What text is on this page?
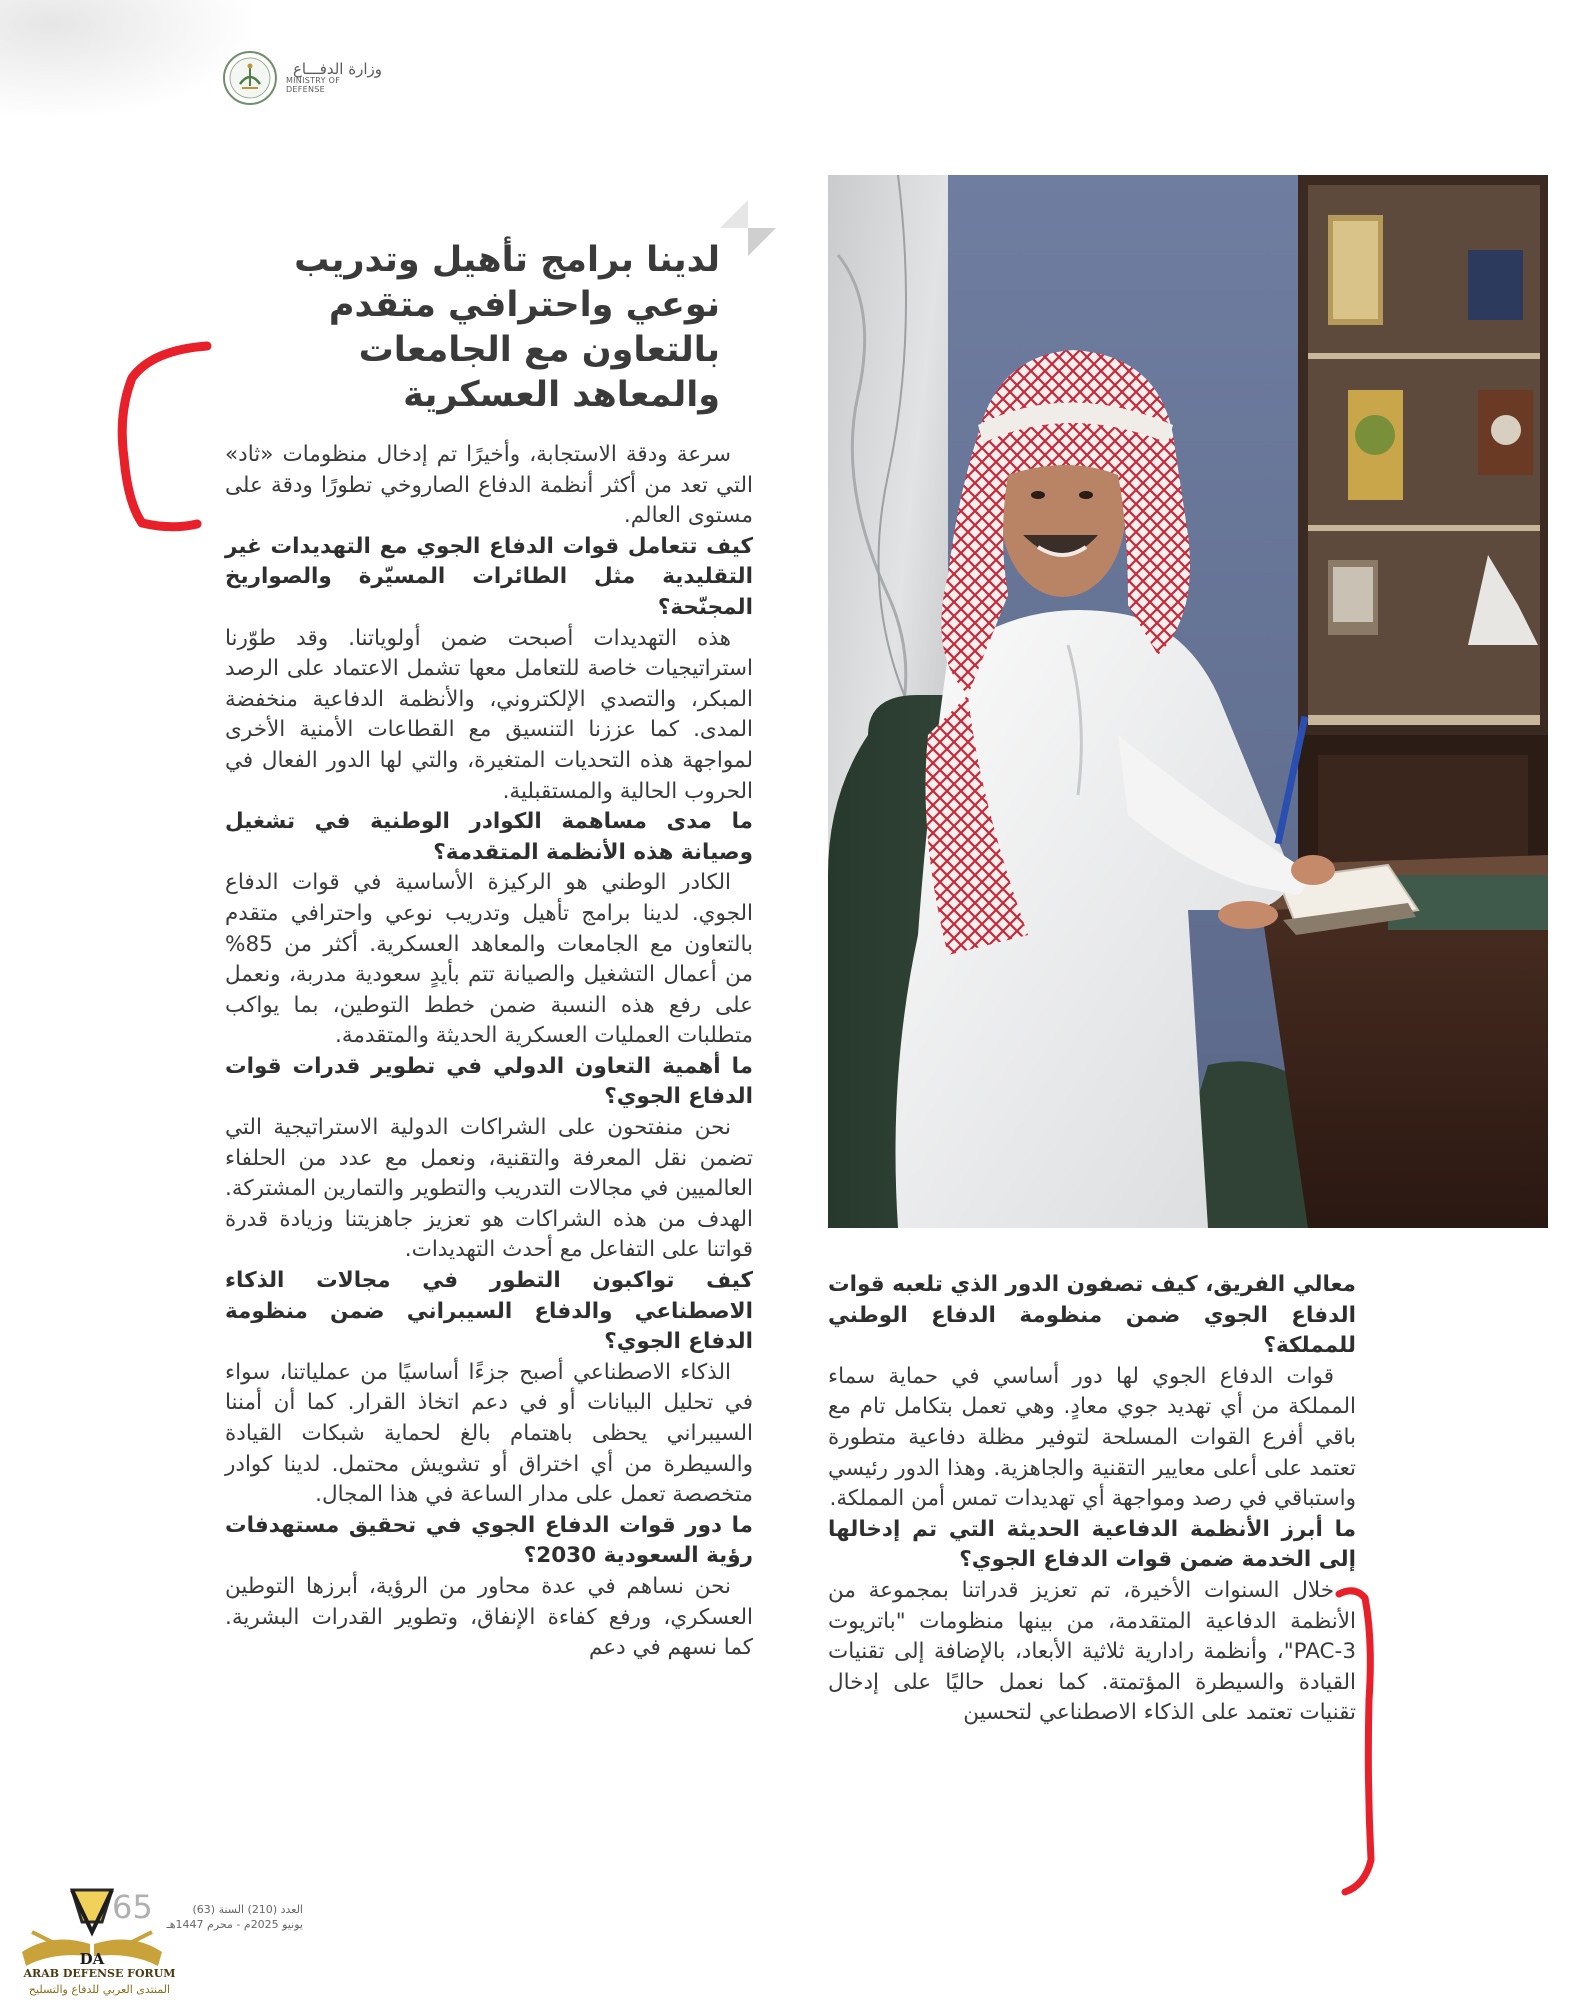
وزارة الدفـــاع
MINISTRY OF DEFENSE
لدينا برامج تأهيل وتدريب نوعي واحترافي متقدم بالتعاون مع الجامعات والمعاهد العسكرية

سرعة ودقة الاستجابة، وأخيرًا تم إدخال منظومات «ثاد» التي تعد من أكثر أنظمة الدفاع الصاروخي تطورًا ودقة على مستوى العالم.

كيف تتعامل قوات الدفاع الجوي مع التهديدات غير التقليدية مثل الطائرات المسيّرة والصواريخ المجنّحة؟

هذه التهديدات أصبحت ضمن أولوياتنا. وقد طوّرنا استراتيجيات خاصة للتعامل معها تشمل الاعتماد على الرصد المبكر، والتصدي الإلكتروني، والأنظمة الدفاعية منخفضة المدى. كما عززنا التنسيق مع القطاعات الأمنية الأخرى لمواجهة هذه التحديات المتغيرة، والتي لها الدور الفعال في الحروب الحالية والمستقبلية.

ما مدى مساهمة الكوادر الوطنية في تشغيل وصيانة هذه الأنظمة المتقدمة؟

الكادر الوطني هو الركيزة الأساسية في قوات الدفاع الجوي. لدينا برامج تأهيل وتدريب نوعي واحترافي متقدم بالتعاون مع الجامعات والمعاهد العسكرية. أكثر من 85% من أعمال التشغيل والصيانة تتم بأيدٍ سعودية مدربة، ونعمل على رفع هذه النسبة ضمن خطط التوطين، بما يواكب متطلبات العمليات العسكرية الحديثة والمتقدمة.

ما أهمية التعاون الدولي في تطوير قدرات قوات الدفاع الجوي؟

نحن منفتحون على الشراكات الدولية الاستراتيجية التي تضمن نقل المعرفة والتقنية، ونعمل مع عدد من الحلفاء العالميين في مجالات التدريب والتطوير والتمارين المشتركة. الهدف من هذه الشراكات هو تعزيز جاهزيتنا وزيادة قدرة قواتنا على التفاعل مع أحدث التهديدات.

كيف تواكبون التطور في مجالات الذكاء الاصطناعي والدفاع السيبراني ضمن منظومة الدفاع الجوي؟

الذكاء الاصطناعي أصبح جزءًا أساسيًا من عملياتنا، سواء في تحليل البيانات أو في دعم اتخاذ القرار. كما أن أمننا السيبراني يحظى باهتمام بالغ لحماية شبكات القيادة والسيطرة من أي اختراق أو تشويش محتمل. لدينا كوادر متخصصة تعمل على مدار الساعة في هذا المجال.

ما دور قوات الدفاع الجوي في تحقيق مستهدفات رؤية السعودية 2030؟

نحن نساهم في عدة محاور من الرؤية، أبرزها التوطين العسكري، ورفع كفاءة الإنفاق، وتطوير القدرات البشرية. كما نسهم في دعم

معالي الفريق، كيف تصفون الدور الذي تلعبه قوات الدفاع الجوي ضمن منظومة الدفاع الوطني للمملكة؟

قوات الدفاع الجوي لها دور أساسي في حماية سماء المملكة من أي تهديد جوي معادٍ. وهي تعمل بتكامل تام مع باقي أفرع القوات المسلحة لتوفير مظلة دفاعية متطورة تعتمد على أعلى معايير التقنية والجاهزية. وهذا الدور رئيسي واستباقي في رصد ومواجهة أي تهديدات تمس أمن المملكة.

ما أبرز الأنظمة الدفاعية الحديثة التي تم إدخالها إلى الخدمة ضمن قوات الدفاع الجوي؟

خلال السنوات الأخيرة، تم تعزيز قدراتنا بمجموعة من الأنظمة الدفاعية المتقدمة، من بينها منظومات "باتريوت PAC-3"، وأنظمة رادارية ثلاثية الأبعاد، بالإضافة إلى تقنيات القيادة والسيطرة المؤتمتة. كما نعمل حاليًا على إدخال تقنيات تعتمد على الذكاء الاصطناعي لتحسين

65	العدد (210) السنة (63)
يونيو 2025م - محرم 1447هـ
DA
ARAB DEFENSE FORUM
المنتدى العربي للدفاع والتسليح
